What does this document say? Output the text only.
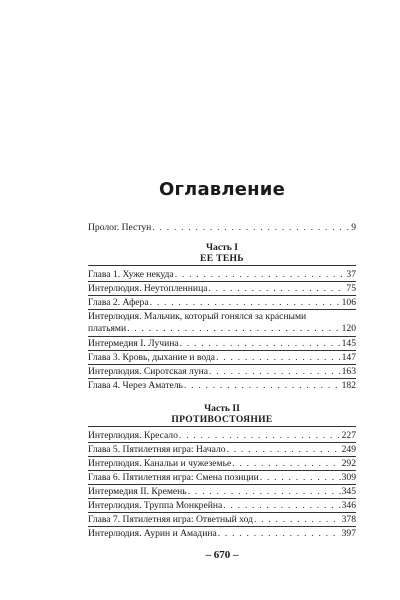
Оглавление
Пролог. Пестун . . .	9
Часть I
ЕЕ ТЕНЬ
Глава 1. Хуже некуда . . .	37
Интерлюдия. Неутопленница . . .	75
Глава 2. Афера . . .	106
Интерлюдия. Мальчик, который гонялся за красными
платьями . . .	120
Интермедия I. Лучина . . .	145
Глава 3. Кровь, дыхание и вода . . .	147
Интерлюдия. Сиротская луна . . .	163
Глава 4. Через Аматель . . .	182
Часть II
ПРОТИВОСТОЯНИЕ
Интерлюдия. Кресало . . .	227
Глава 5. Пятилетняя игра: Начало . . .	249
Интерлюдия. Канальи и чужеземье . . .	292
Глава 6. Пятилетняя игра: Смена позиции . . .	309
Интермедия II. Кремень . . .	345
Интерлюдия. Труппа Монкрейна . . .	346
Глава 7. Пятилетняя игра: Ответный ход . . .	378
Интерлюдия. Аурин и Амадина . . .	397
– 670 –
